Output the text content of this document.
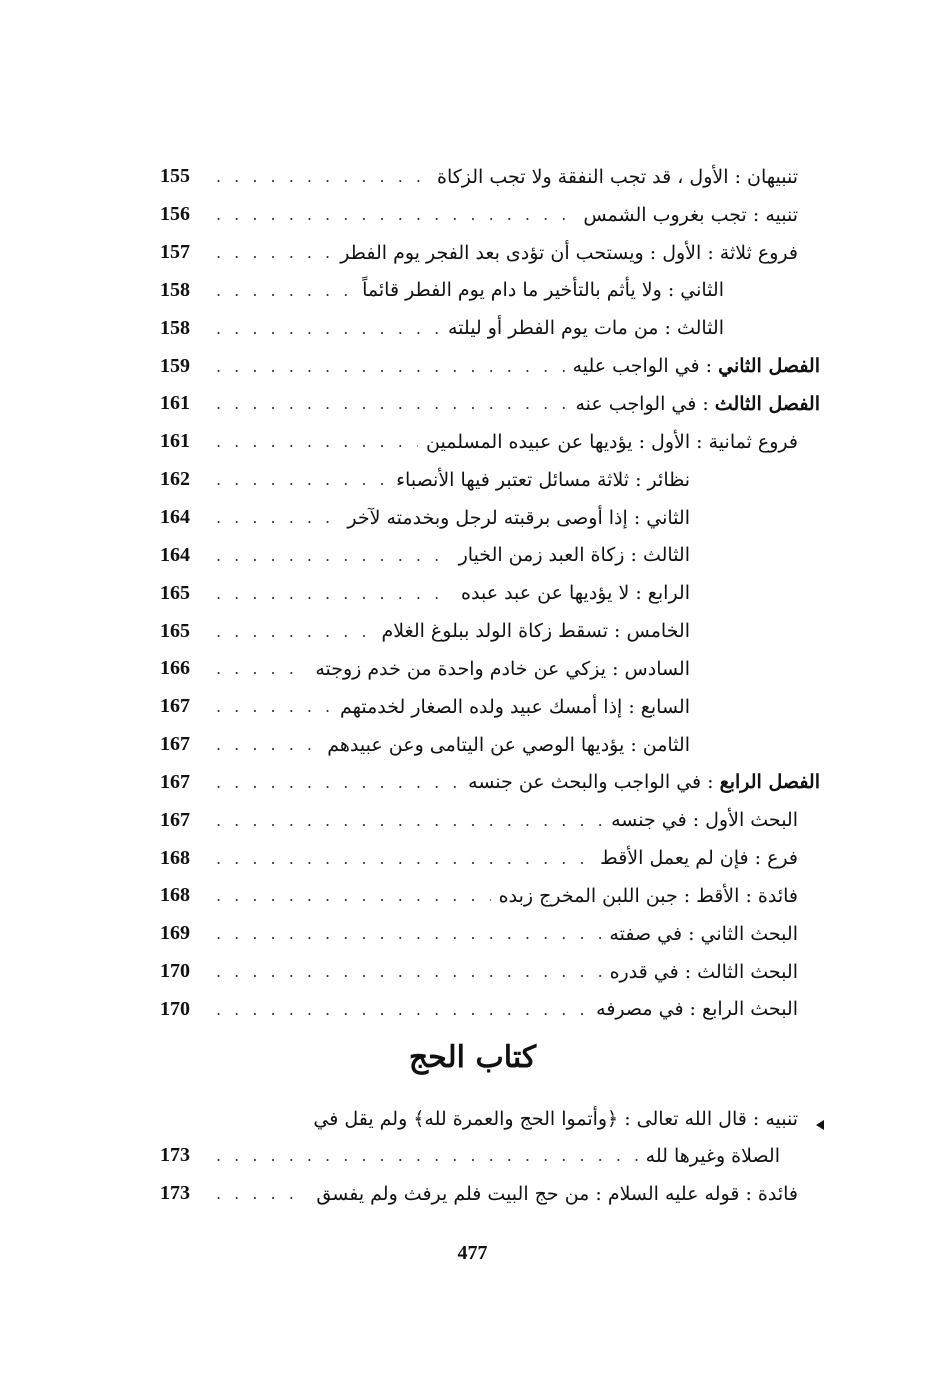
تنبيهان : الأول ، قد تجب النفقة ولا تجب الزكاة
. . .
155
تنبيه : تجب بغروب الشمس
. . .
156
فروع ثلاثة : الأول : ويستحب أن تؤدى بعد الفجر يوم الفطر
. . .
157
الثاني : ولا يأثم بالتأخير ما دام يوم الفطر قائماً
. . .
158
الثالث : من مات يوم الفطر أو ليلته
. . .
158
الفصل الثاني : في الواجب عليه
. . .
159
الفصل الثالث : في الواجب عنه
. . .
161
فروع ثمانية : الأول : يؤديها عن عبيده المسلمين
. . .
161
نظائر : ثلاثة مسائل تعتبر فيها الأنصباء
. . .
162
الثاني : إذا أوصى برقبته لرجل وبخدمته لآخر
. . .
164
الثالث : زكاة العبد زمن الخيار
. . .
164
الرابع : لا يؤديها عن عبد عبده
. . .
165
الخامس : تسقط زكاة الولد ببلوغ الغلام
. . .
165
السادس : يزكي عن خادم واحدة من خدم زوجته
. . .
166
السابع : إذا أمسك عبيد ولده الصغار لخدمتهم
. . .
167
الثامن : يؤديها الوصي عن اليتامى وعن عبيدهم
. . .
167
الفصل الرابع : في الواجب والبحث عن جنسه
. . .
167
البحث الأول : في جنسه
. . .
167
فرع : فإن لم يعمل الأقط
. . .
168
فائدة : الأقط : جبن اللبن المخرج زبده
. . .
168
البحث الثاني : في صفته
. . .
169
البحث الثالث : في قدره
. . .
170
البحث الرابع : في مصرفه
. . .
170
كتاب الحج
تنبيه : قال الله تعالى : ﴿وأتموا الحج والعمرة لله﴾ ولم يقل في
الصلاة وغيرها لله
. . .
173
فائدة : قوله عليه السلام : من حج البيت فلم يرفث ولم يفسق
. . .
173
477
